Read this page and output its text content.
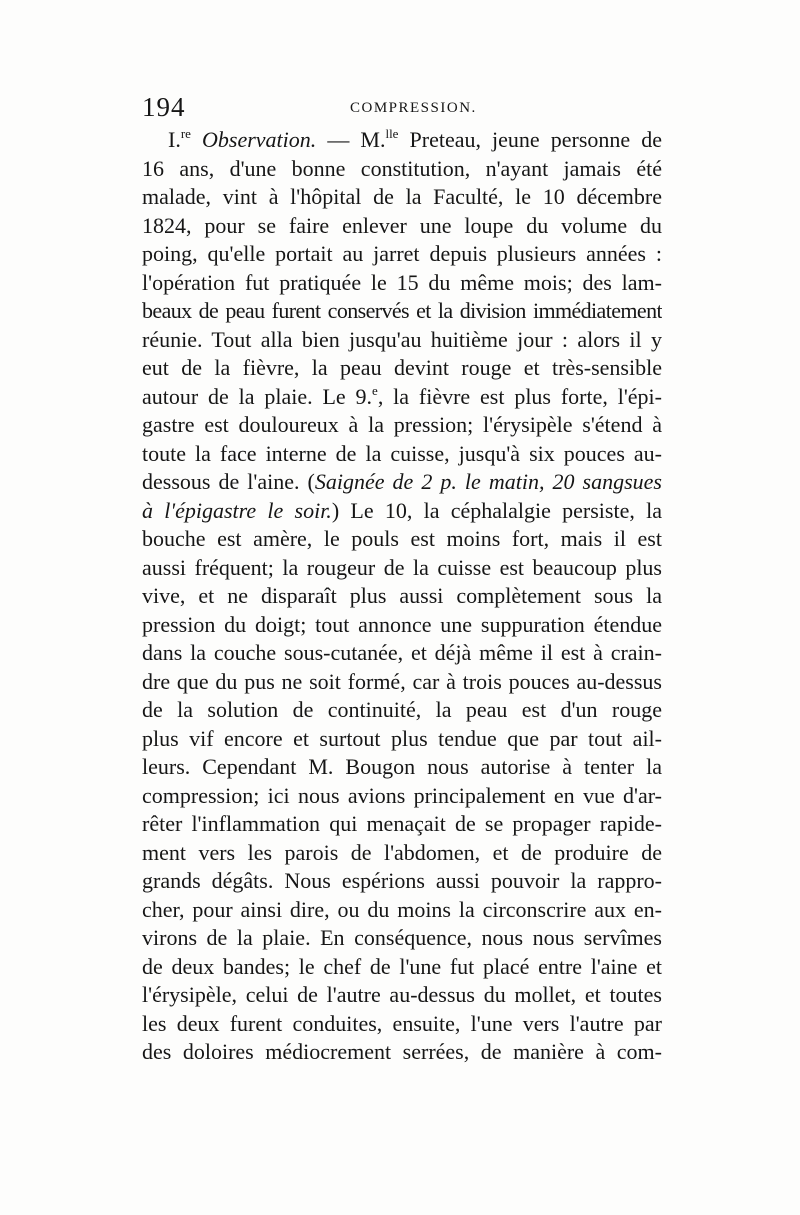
194	COMPRESSION.
I.$^{re}$ Observation. — M.$^{lle}$ Preteau, jeune personne de
16 ans, d'une bonne constitution, n'ayant jamais été
malade, vint à l'hôpital de la Faculté, le 10 décembre
1824, pour se faire enlever une loupe du volume du
poing, qu'elle portait au jarret depuis plusieurs années :
l'opération fut pratiquée le 15 du même mois; des lam-
beaux de peau furent conservés et la division immédiatement
réunie. Tout alla bien jusqu'au huitième jour : alors il y
eut de la fièvre, la peau devint rouge et très-sensible
autour de la plaie. Le 9.$^e$, la fièvre est plus forte, l'épi-
gastre est douloureux à la pression; l'érysipèle s'étend à
toute la face interne de la cuisse, jusqu'à six pouces au-
dessous de l'aine. (Saignée de 2 p. le matin, 20 sangsues
à l'épigastre le soir.) Le 10, la céphalalgie persiste, la
bouche est amère, le pouls est moins fort, mais il est
aussi fréquent; la rougeur de la cuisse est beaucoup plus
vive, et ne disparaît plus aussi complètement sous la
pression du doigt; tout annonce une suppuration étendue
dans la couche sous-cutanée, et déjà même il est à crain-
dre que du pus ne soit formé, car à trois pouces au-dessus
de la solution de continuité, la peau est d'un rouge
plus vif encore et surtout plus tendue que par tout ail-
leurs. Cependant M. Bougon nous autorise à tenter la
compression; ici nous avions principalement en vue d'ar-
rêter l'inflammation qui menaçait de se propager rapide-
ment vers les parois de l'abdomen, et de produire de
grands dégâts. Nous espérions aussi pouvoir la rappro-
cher, pour ainsi dire, ou du moins la circonscrire aux en-
virons de la plaie. En conséquence, nous nous servîmes
de deux bandes; le chef de l'une fut placé entre l'aine et
l'érysipèle, celui de l'autre au-dessus du mollet, et toutes
les deux furent conduites, ensuite, l'une vers l'autre par
des doloires médiocrement serrées, de manière à com-
